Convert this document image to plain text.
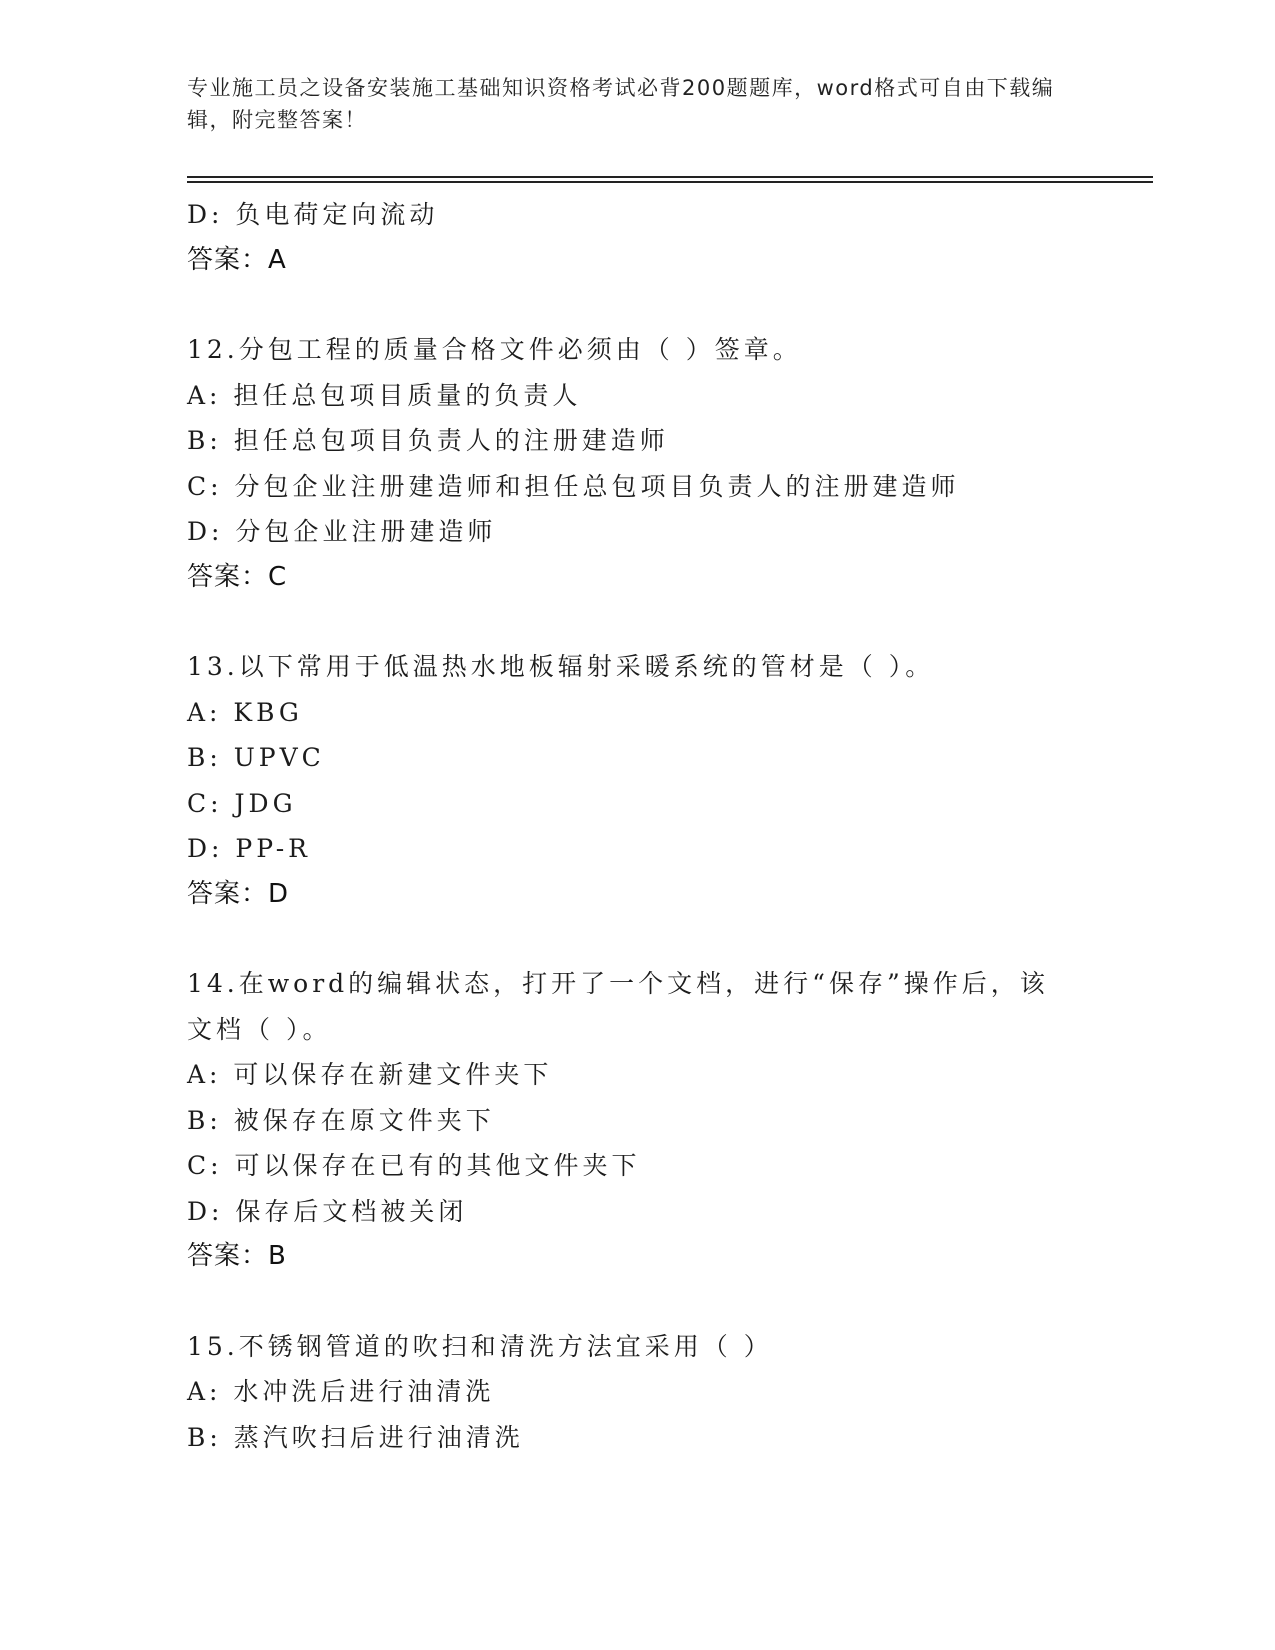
专业施工员之设备安装施工基础知识资格考试必背200题题库，word格式可自由下载编辑，附完整答案！
D: 负电荷定向流动
答案：A
12.分包工程的质量合格文件必须由（ ）签章。
A: 担任总包项目质量的负责人
B: 担任总包项目负责人的注册建造师
C: 分包企业注册建造师和担任总包项目负责人的注册建造师
D: 分包企业注册建造师
答案：C
13.以下常用于低温热水地板辐射采暖系统的管材是（ ）。
A: KBG
B: UPVC
C: JDG
D: PP-R
答案：D
14.在word的编辑状态，打开了一个文档，进行“保存”操作后，该文档（ ）。
A: 可以保存在新建文件夹下
B: 被保存在原文件夹下
C: 可以保存在已有的其他文件夹下
D: 保存后文档被关闭
答案：B
15.不锈钢管道的吹扫和清洗方法宜采用（ ）
A: 水冲洗后进行油清洗
B: 蒸汽吹扫后进行油清洗
